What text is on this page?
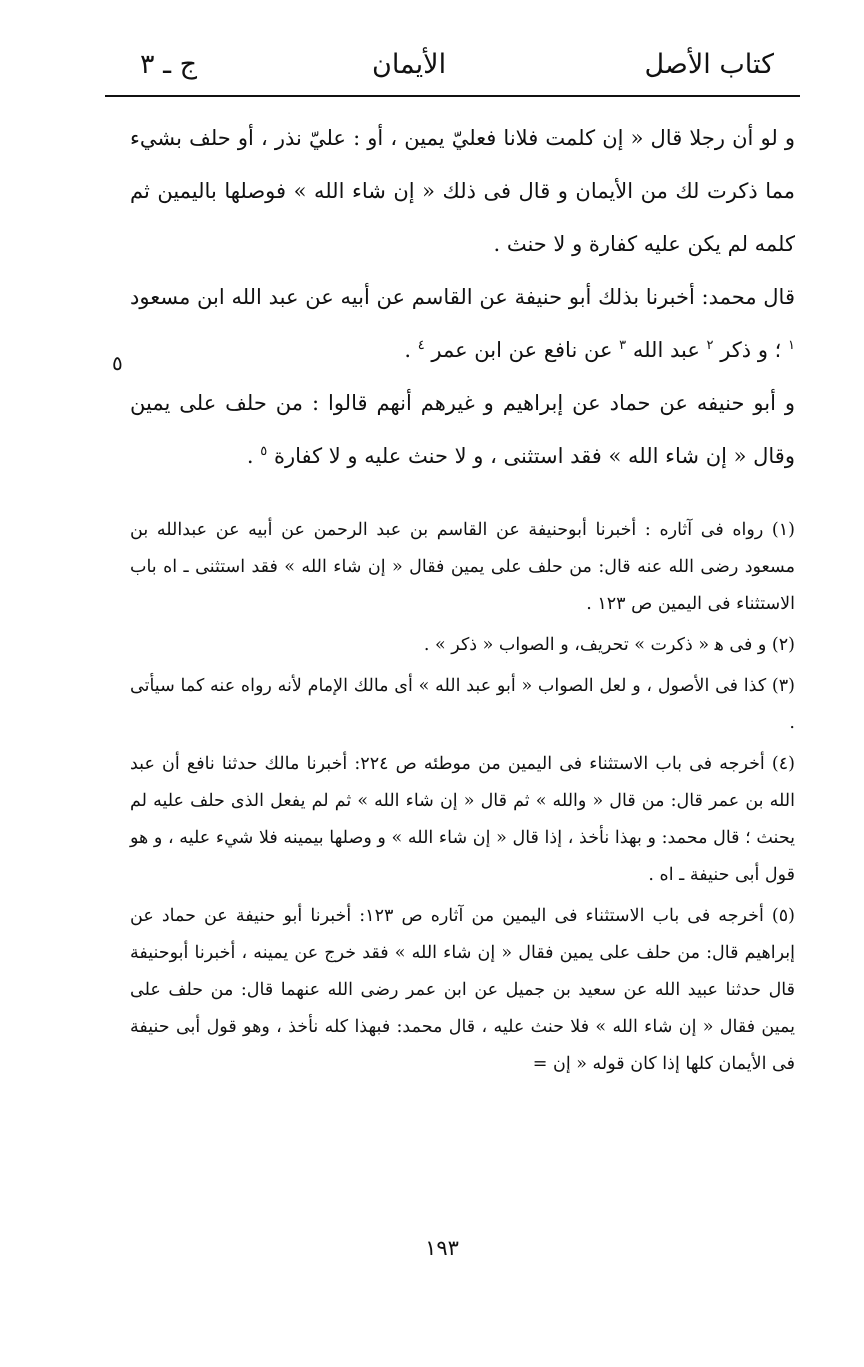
كتاب الأصل
الأيمان
ج ـ ٣
٥

و لو أن رجلا قال « إن كلمت فلانا فعليّ يمين ، أو : عليّ نذر ، أو حلف بشيء مما ذكرت لك من الأيمان و قال فى ذلك « إن شاء الله » فوصلها باليمين ثم كلمه لم يكن عليه كفارة و لا حنث .

قال محمد: أخبرنا بذلك أبو حنيفة عن القاسم عن أبيه عن عبد الله ابن مسعود $^١$ ؛ و ذكر $^٢$ عبد الله $^٣$ عن نافع عن ابن عمر $^٤$ .

و أبو حنيفه عن حماد عن إبراهيم و غيرهم أنهم قالوا : من حلف على يمين وقال « إن شاء الله » فقد استثنى ، و لا حنث عليه و لا كفارة $^٥$ .

(١) رواه فى آثاره : أخبرنا أبوحنيفة عن القاسم بن عبد الرحمن عن أبيه عن عبدالله بن مسعود رضى الله عنه قال: من حلف على يمين فقال « إن شاء الله » فقد استثنى ـ اه باب الاستثناء فى اليمين ص ١٢٣ .

(٢) و فى ﻫ « ذكرت » تحريف، و الصواب « ذكر » .

(٣) كذا فى الأصول ، و لعل الصواب « أبو عبد الله » أى مالك الإمام لأنه رواه عنه كما سيأتى .

(٤) أخرجه فى باب الاستثناء فى اليمين من موطئه ص ٢٢٤: أخبرنا مالك حدثنا نافع أن عبد الله بن عمر قال: من قال « والله » ثم قال « إن شاء الله » ثم لم يفعل الذى حلف عليه لم يحنث ؛ قال محمد: و بهذا نأخذ ، إذا قال « إن شاء الله » و وصلها بيمينه فلا شيء عليه ، و هو قول أبى حنيفة ـ اه .

(٥) أخرجه فى باب الاستثناء فى اليمين من آثاره ص ١٢٣: أخبرنا أبو حنيفة عن حماد عن إبراهيم قال: من حلف على يمين فقال « إن شاء الله » فقد خرج عن يمينه ، أخبرنا أبوحنيفة قال حدثنا عبيد الله عن سعيد بن جميل عن ابن عمر رضى الله عنهما قال: من حلف على يمين فقال « إن شاء الله » فلا حنث عليه ، قال محمد: فبهذا كله نأخذ ، وهو قول أبى حنيفة فى الأيمان كلها إذا كان قوله « إن =

١٩٣
